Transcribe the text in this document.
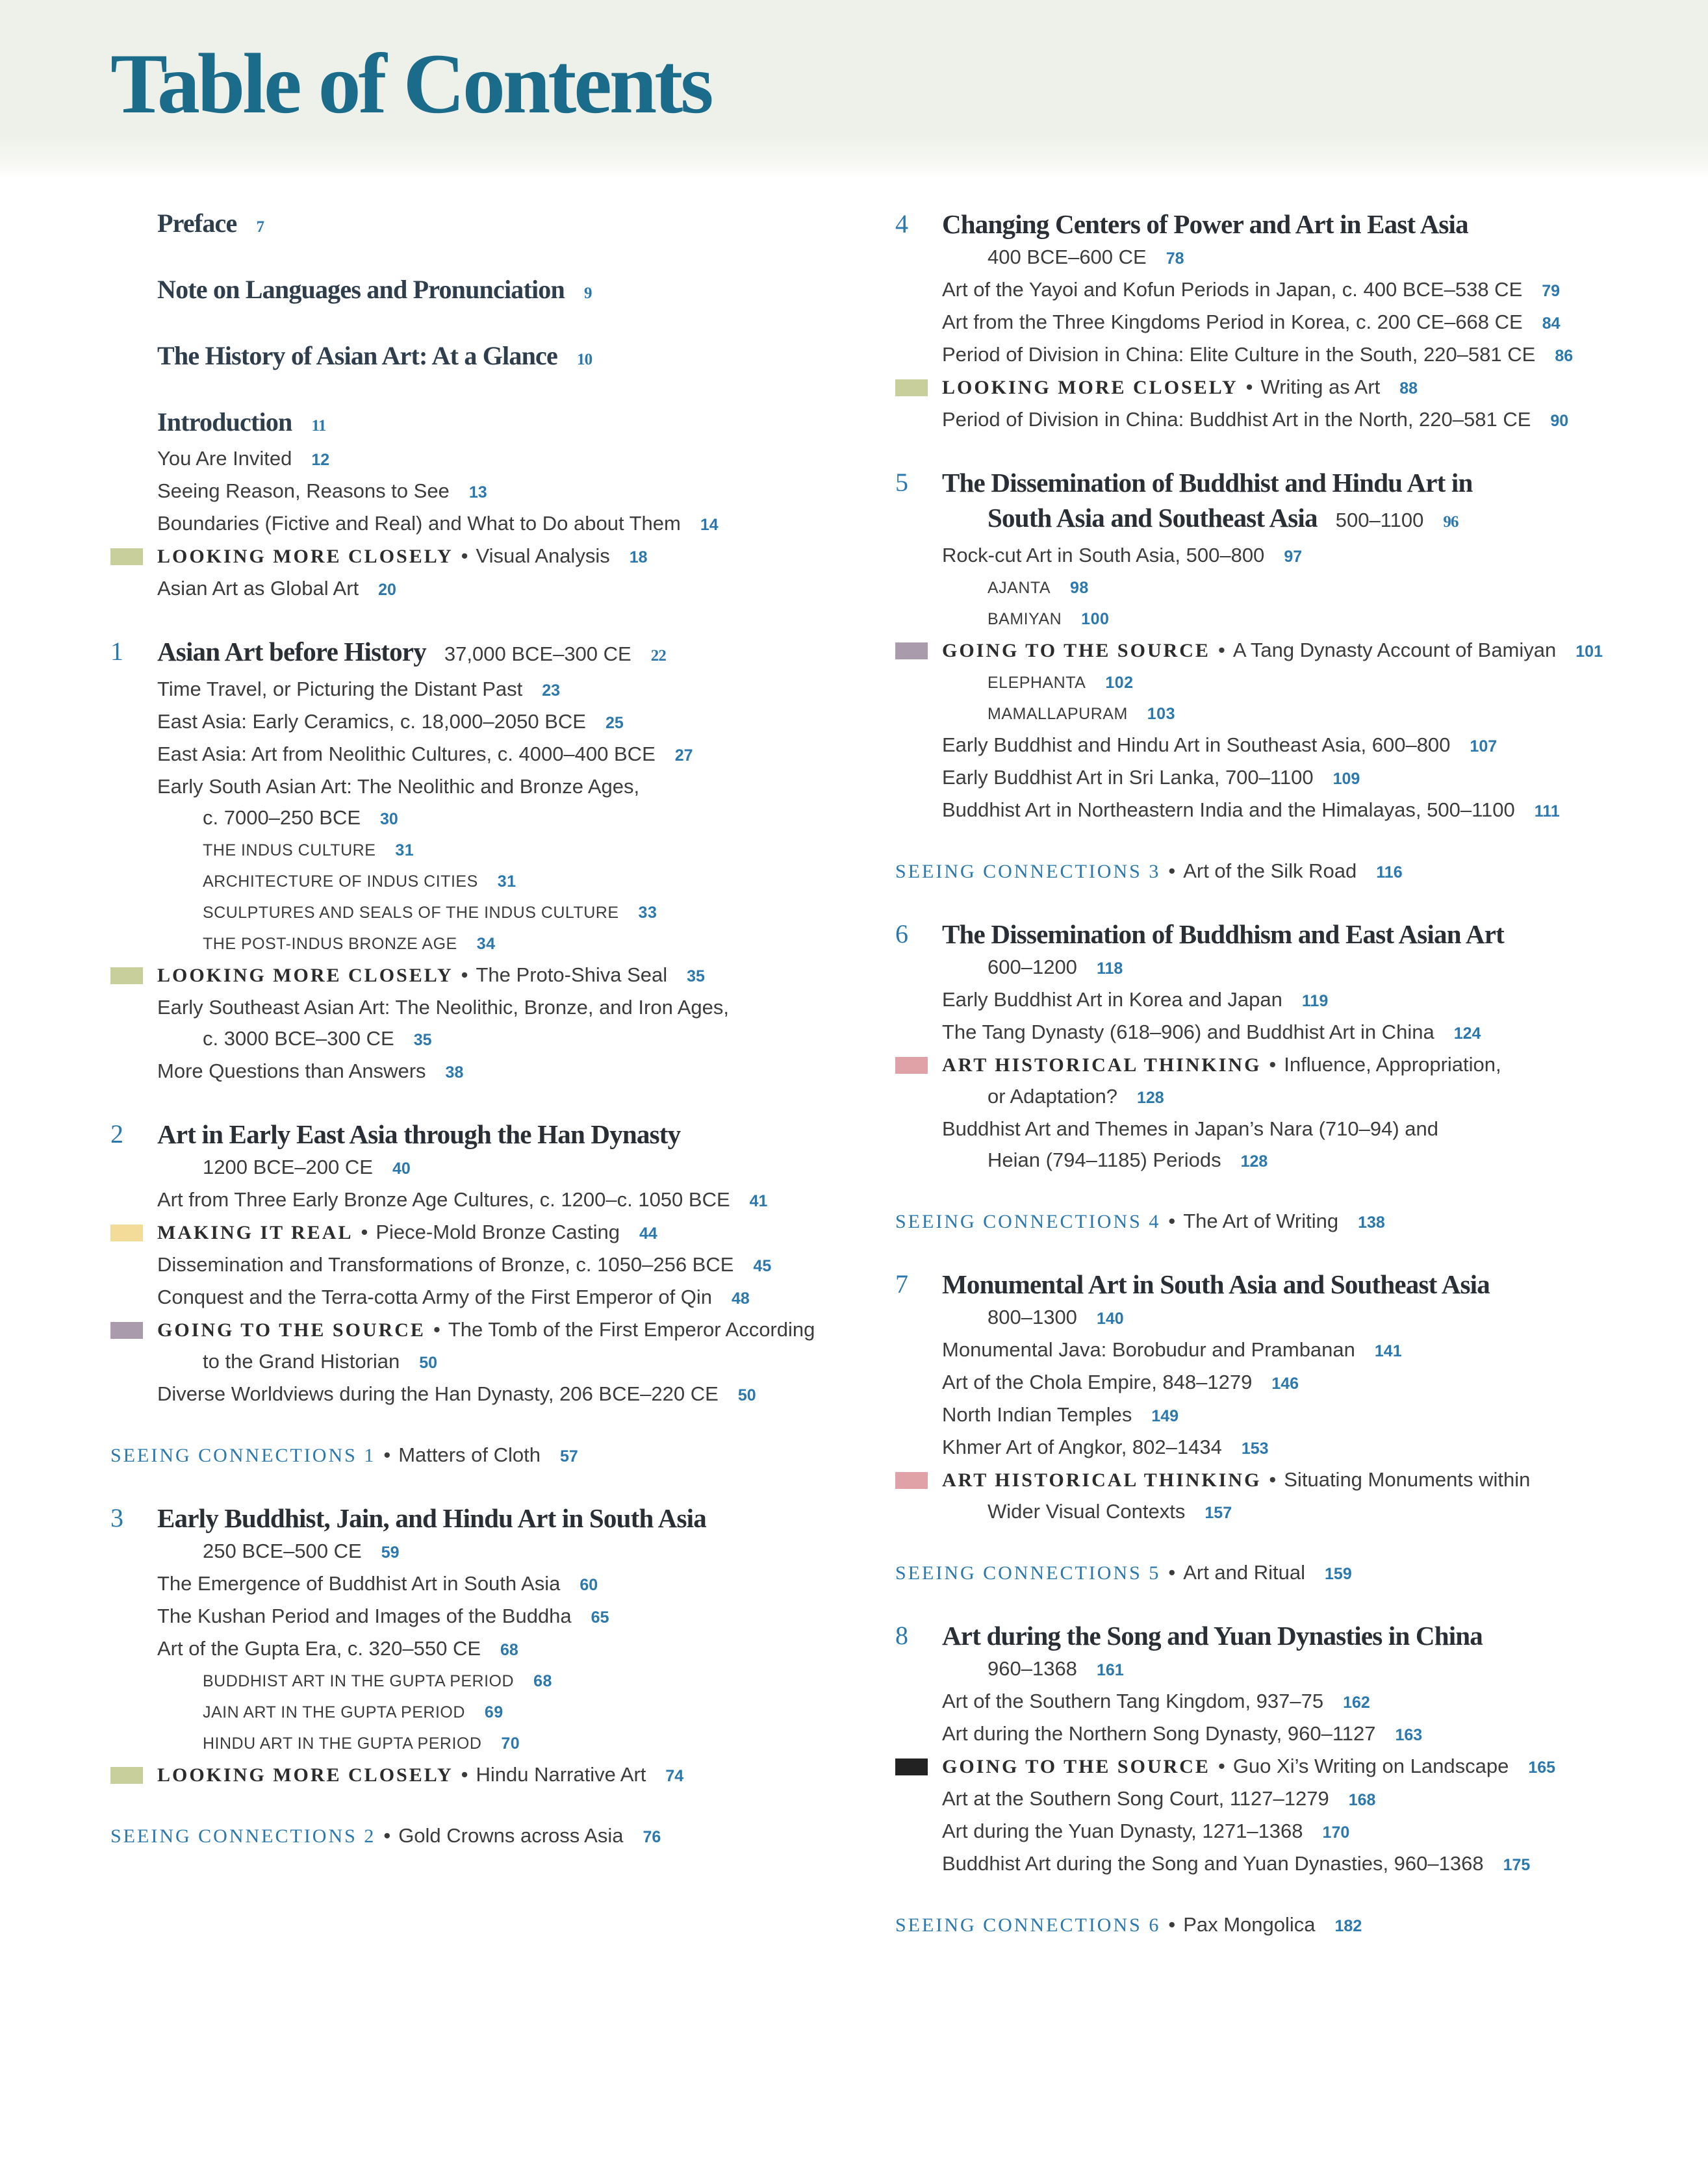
Table of Contents
Preface 7
Note on Languages and Pronunciation 9
The History of Asian Art: At a Glance 10
Introduction 11
You Are Invited 12
Seeing Reason, Reasons to See 13
Boundaries (Fictive and Real) and What to Do about Them 14
LOOKING MORE CLOSELY • Visual Analysis 18
Asian Art as Global Art 20
1 Asian Art before History 37,000 BCE–300 CE 22
Time Travel, or Picturing the Distant Past 23
East Asia: Early Ceramics, c. 18,000–2050 BCE 25
East Asia: Art from Neolithic Cultures, c. 4000–400 BCE 27
Early South Asian Art: The Neolithic and Bronze Ages,
c. 7000–250 BCE 30
THE INDUS CULTURE 31
ARCHITECTURE OF INDUS CITIES 31
SCULPTURES AND SEALS OF THE INDUS CULTURE 33
THE POST-INDUS BRONZE AGE 34
LOOKING MORE CLOSELY • The Proto-Shiva Seal 35
Early Southeast Asian Art: The Neolithic, Bronze, and Iron Ages,
c. 3000 BCE–300 CE 35
More Questions than Answers 38
2 Art in Early East Asia through the Han Dynasty
1200 BCE–200 CE 40
Art from Three Early Bronze Age Cultures, c. 1200–c. 1050 BCE 41
MAKING IT REAL • Piece-Mold Bronze Casting 44
Dissemination and Transformations of Bronze, c. 1050–256 BCE 45
Conquest and the Terra-cotta Army of the First Emperor of Qin 48
GOING TO THE SOURCE • The Tomb of the First Emperor According
to the Grand Historian 50
Diverse Worldviews during the Han Dynasty, 206 BCE–220 CE 50
SEEING CONNECTIONS 1 • Matters of Cloth 57
3 Early Buddhist, Jain, and Hindu Art in South Asia
250 BCE–500 CE 59
The Emergence of Buddhist Art in South Asia 60
The Kushan Period and Images of the Buddha 65
Art of the Gupta Era, c. 320–550 CE 68
BUDDHIST ART IN THE GUPTA PERIOD 68
JAIN ART IN THE GUPTA PERIOD 69
HINDU ART IN THE GUPTA PERIOD 70
LOOKING MORE CLOSELY • Hindu Narrative Art 74
SEEING CONNECTIONS 2 • Gold Crowns across Asia 76
4 Changing Centers of Power and Art in East Asia
400 BCE–600 CE 78
Art of the Yayoi and Kofun Periods in Japan, c. 400 BCE–538 CE 79
Art from the Three Kingdoms Period in Korea, c. 200 CE–668 CE 84
Period of Division in China: Elite Culture in the South, 220–581 CE 86
LOOKING MORE CLOSELY • Writing as Art 88
Period of Division in China: Buddhist Art in the North, 220–581 CE 90
5 The Dissemination of Buddhist and Hindu Art in
South Asia and Southeast Asia 500–1100 96
Rock-cut Art in South Asia, 500–800 97
AJANTA 98
BAMIYAN 100
GOING TO THE SOURCE • A Tang Dynasty Account of Bamiyan 101
ELEPHANTA 102
MAMALLAPURAM 103
Early Buddhist and Hindu Art in Southeast Asia, 600–800 107
Early Buddhist Art in Sri Lanka, 700–1100 109
Buddhist Art in Northeastern India and the Himalayas, 500–1100 111
SEEING CONNECTIONS 3 • Art of the Silk Road 116
6 The Dissemination of Buddhism and East Asian Art
600–1200 118
Early Buddhist Art in Korea and Japan 119
The Tang Dynasty (618–906) and Buddhist Art in China 124
ART HISTORICAL THINKING • Influence, Appropriation,
or Adaptation? 128
Buddhist Art and Themes in Japan’s Nara (710–94) and
Heian (794–1185) Periods 128
SEEING CONNECTIONS 4 • The Art of Writing 138
7 Monumental Art in South Asia and Southeast Asia
800–1300 140
Monumental Java: Borobudur and Prambanan 141
Art of the Chola Empire, 848–1279 146
North Indian Temples 149
Khmer Art of Angkor, 802–1434 153
ART HISTORICAL THINKING • Situating Monuments within
Wider Visual Contexts 157
SEEING CONNECTIONS 5 • Art and Ritual 159
8 Art during the Song and Yuan Dynasties in China
960–1368 161
Art of the Southern Tang Kingdom, 937–75 162
Art during the Northern Song Dynasty, 960–1127 163
GOING TO THE SOURCE • Guo Xi’s Writing on Landscape 165
Art at the Southern Song Court, 1127–1279 168
Art during the Yuan Dynasty, 1271–1368 170
Buddhist Art during the Song and Yuan Dynasties, 960–1368 175
SEEING CONNECTIONS 6 • Pax Mongolica 182
